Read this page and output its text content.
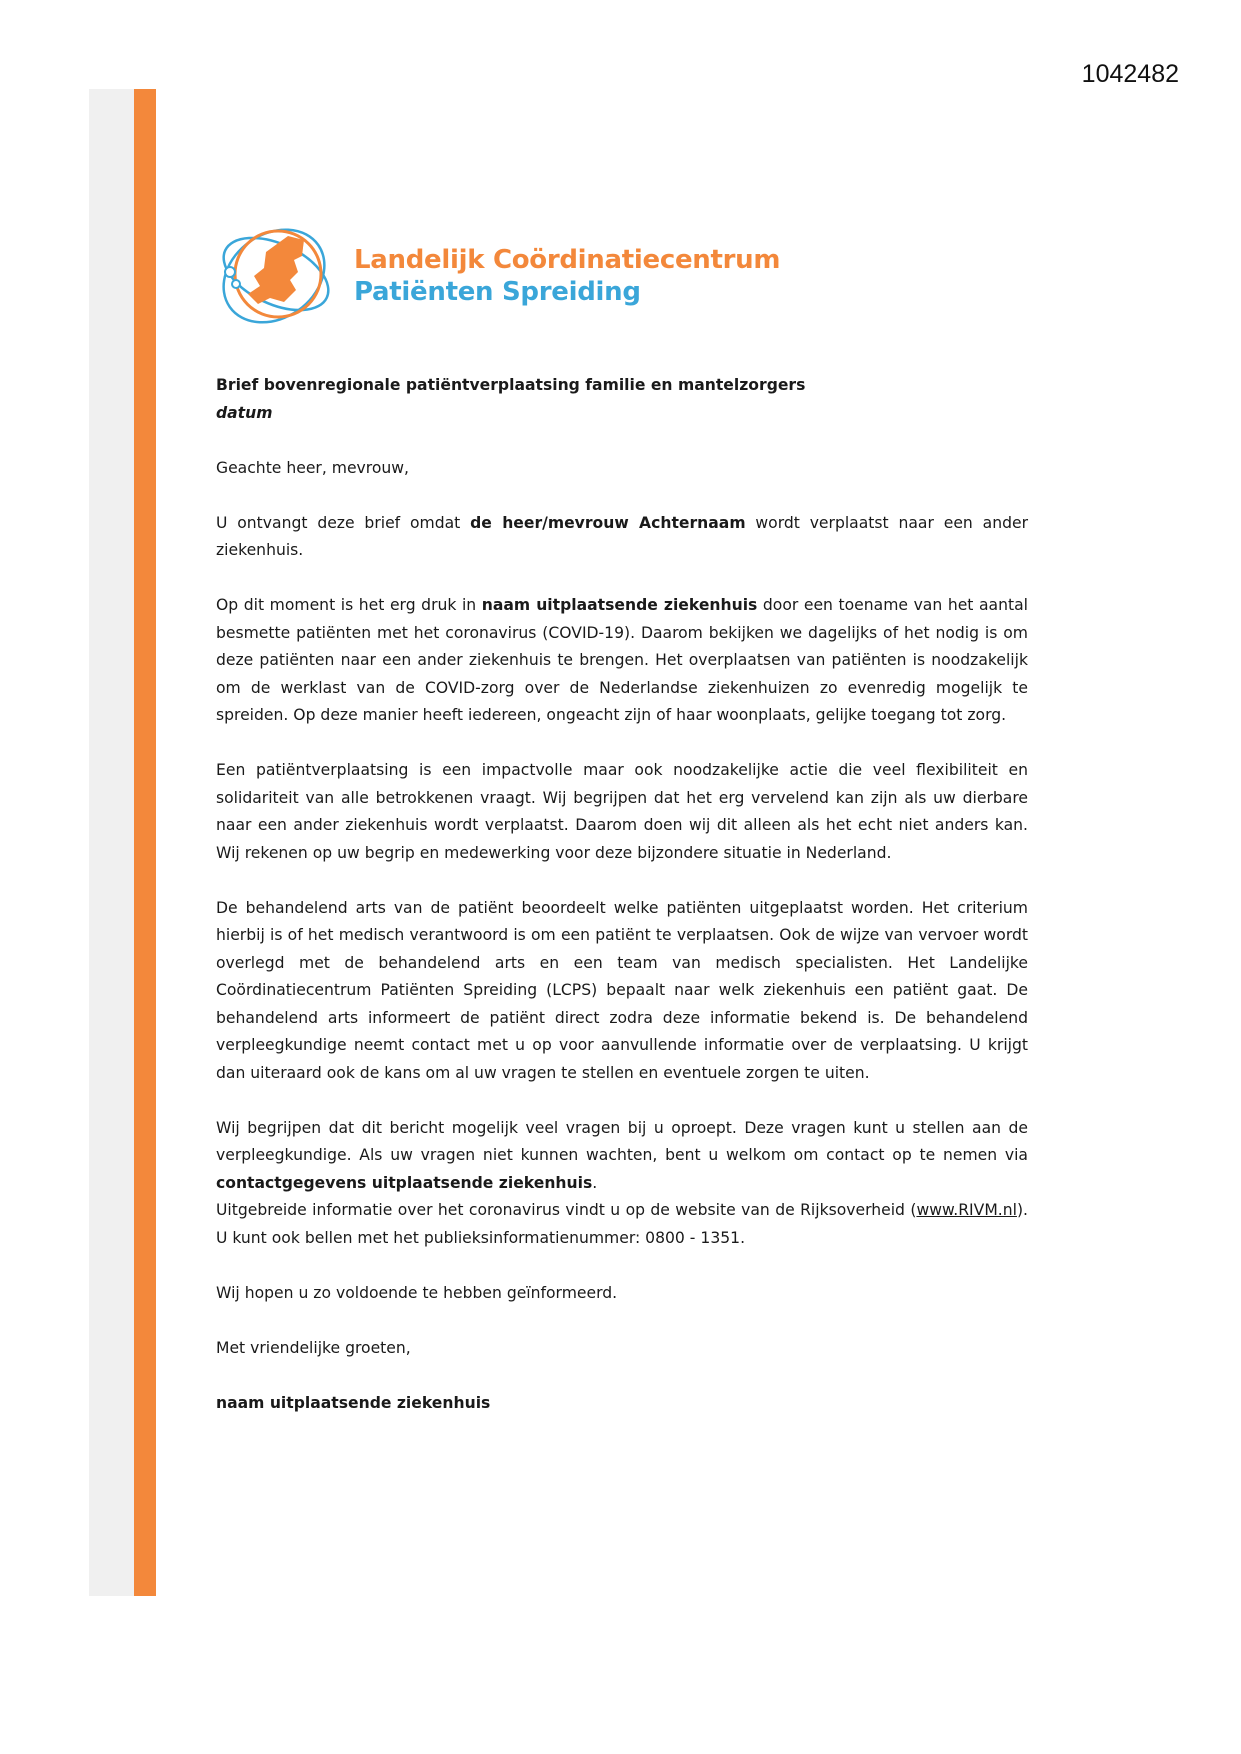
1042482
Landelijk Coördinatiecentrum
Patiënten Spreiding

Brief bovenregionale patiëntverplaatsing familie en mantelzorgers

datum

Geachte heer, mevrouw,

U ontvangt deze brief omdat de heer/mevrouw Achternaam wordt verplaatst naar een ander ziekenhuis.

Op dit moment is het erg druk in naam uitplaatsende ziekenhuis door een toename van het aantal besmette patiënten met het coronavirus (COVID-19). Daarom bekijken we dagelijks of het nodig is om deze patiënten naar een ander ziekenhuis te brengen. Het overplaatsen van patiënten is noodzakelijk om de werklast van de COVID-zorg over de Nederlandse ziekenhuizen zo evenredig mogelijk te spreiden. Op deze manier heeft iedereen, ongeacht zijn of haar woonplaats, gelijke toegang tot zorg.

Een patiëntverplaatsing is een impactvolle maar ook noodzakelijke actie die veel flexibiliteit en solidariteit van alle betrokkenen vraagt. Wij begrijpen dat het erg vervelend kan zijn als uw dierbare naar een ander ziekenhuis wordt verplaatst. Daarom doen wij dit alleen als het echt niet anders kan. Wij rekenen op uw begrip en medewerking voor deze bijzondere situatie in Nederland.

De behandelend arts van de patiënt beoordeelt welke patiënten uitgeplaatst worden. Het criterium hierbij is of het medisch verantwoord is om een patiënt te verplaatsen. Ook de wijze van vervoer wordt overlegd met de behandelend arts en een team van medisch specialisten. Het Landelijke Coördinatiecentrum Patiënten Spreiding (LCPS) bepaalt naar welk ziekenhuis een patiënt gaat. De behandelend arts informeert de patiënt direct zodra deze informatie bekend is. De behandelend verpleegkundige neemt contact met u op voor aanvullende informatie over de verplaatsing. U krijgt dan uiteraard ook de kans om al uw vragen te stellen en eventuele zorgen te uiten.

Wij begrijpen dat dit bericht mogelijk veel vragen bij u oproept. Deze vragen kunt u stellen aan de verpleegkundige. Als uw vragen niet kunnen wachten, bent u welkom om contact op te nemen via contactgegevens uitplaatsende ziekenhuis.

Uitgebreide informatie over het coronavirus vindt u op de website van de Rijksoverheid (www.RIVM.nl). U kunt ook bellen met het publieksinformatienummer: 0800 - 1351.

Wij hopen u zo voldoende te hebben geïnformeerd.

Met vriendelijke groeten,

naam uitplaatsende ziekenhuis
